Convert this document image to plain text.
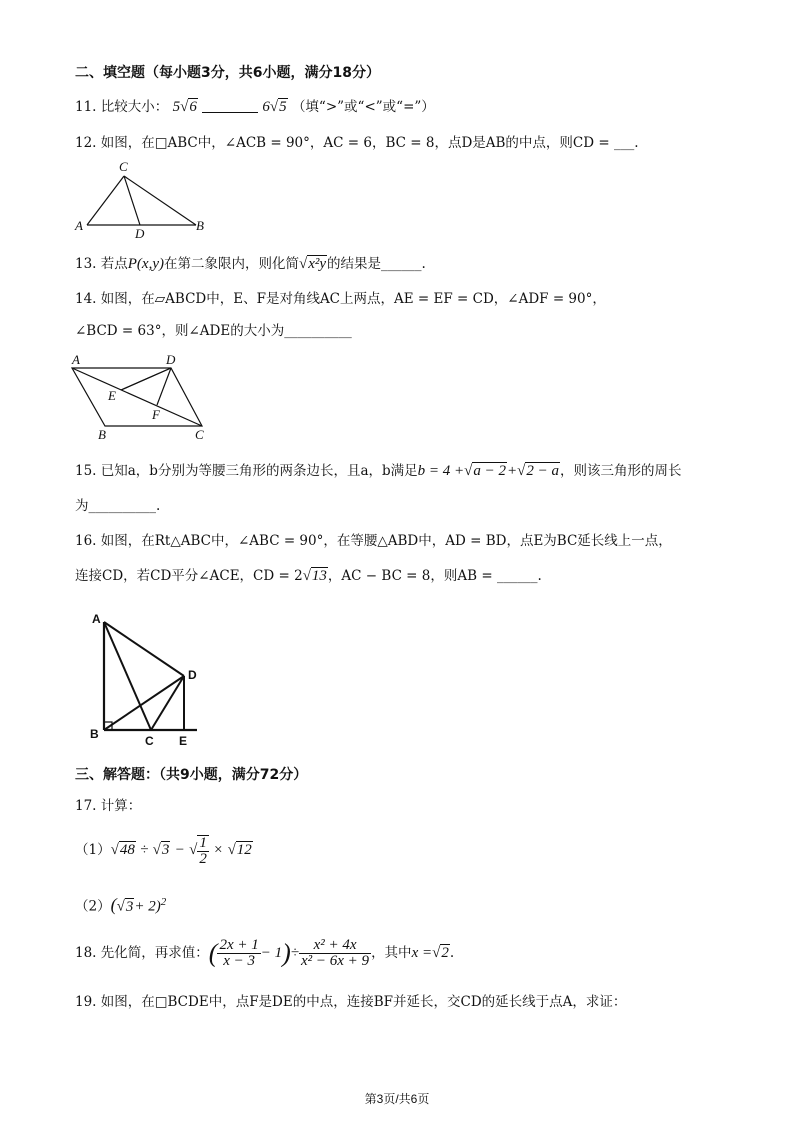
二、填空题（每小题3分，共6小题，满分18分）
11. 比较大小： 5√6	6√5 （填“>”或“<”或“=”）
12. 如图，在□ABC中，∠ACB = 90°，AC = 6，BC = 8，点D是AB的中点，则CD = ___.
C
A	B
D
13. 若点P(x,y)在第二象限内，则化简√x²y的结果是______.
14. 如图，在▱ABCD中，E、F是对角线AC上两点，AE = EF = CD，∠ADF = 90°，
∠BCD = 63°，则∠ADE的大小为__________
A	D
E
F
B	C
15. 已知a，b分别为等腰三角形的两条边长，且a，b满足b = 4 +√a − 2+√2 − a，则该三角形的周长
为__________.
16. 如图，在Rt△ABC中，∠ABC = 90°，在等腰△ABD中，AD = BD，点E为BC延长线上一点，
连接CD，若CD平分∠ACE，CD = 2√13，AC − BC = 8，则AB = ______.
A
D
B	C E
三、解答题：（共9小题，满分72分）
17. 计算：
（1）√48 ÷ √3 − √ $\frac{1}{2} \times √12$
$(2)(√3+ 2)^2$
18. 先化简，再求值：( $\frac{2x + 1}{x - 3} - 1)\div \frac{\text{x² + 4x}}{\text{x² − 6x + 9}}$ ，其中x =√2.
19. 如图，在□BCDE中，点F是DE的中点，连接BF并延长，交CD的延长线于点A，求证：
第3页/共6页
